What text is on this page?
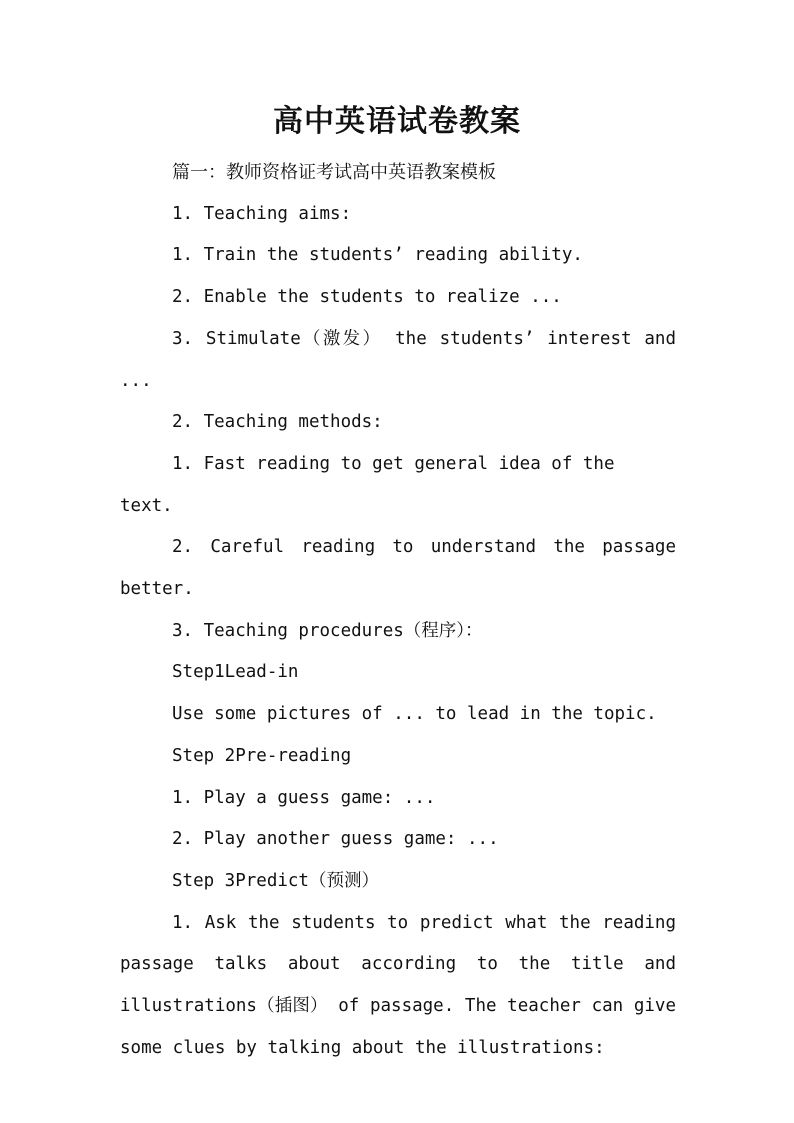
高中英语试卷教案

篇一：教师资格证考试高中英语教案模板

1. Teaching aims:

1. Train the students’ reading ability.

2. Enable the students to realize ...

3. Stimulate（激发） the students’ interest and ...

2. Teaching methods:

1. Fast reading to get general idea of the text.

2. Careful reading to understand the passage better.

3. Teaching procedures（程序）：

Step1Lead-in

Use some pictures of ... to lead in the topic.

Step 2Pre-reading

1. Play a guess game: ...

2. Play another guess game: ...

Step 3Predict（预测）

1. Ask the students to predict what the reading passage talks about according to the title and illustrations（插图） of passage. The teacher can give some clues by talking about the illustrations:
